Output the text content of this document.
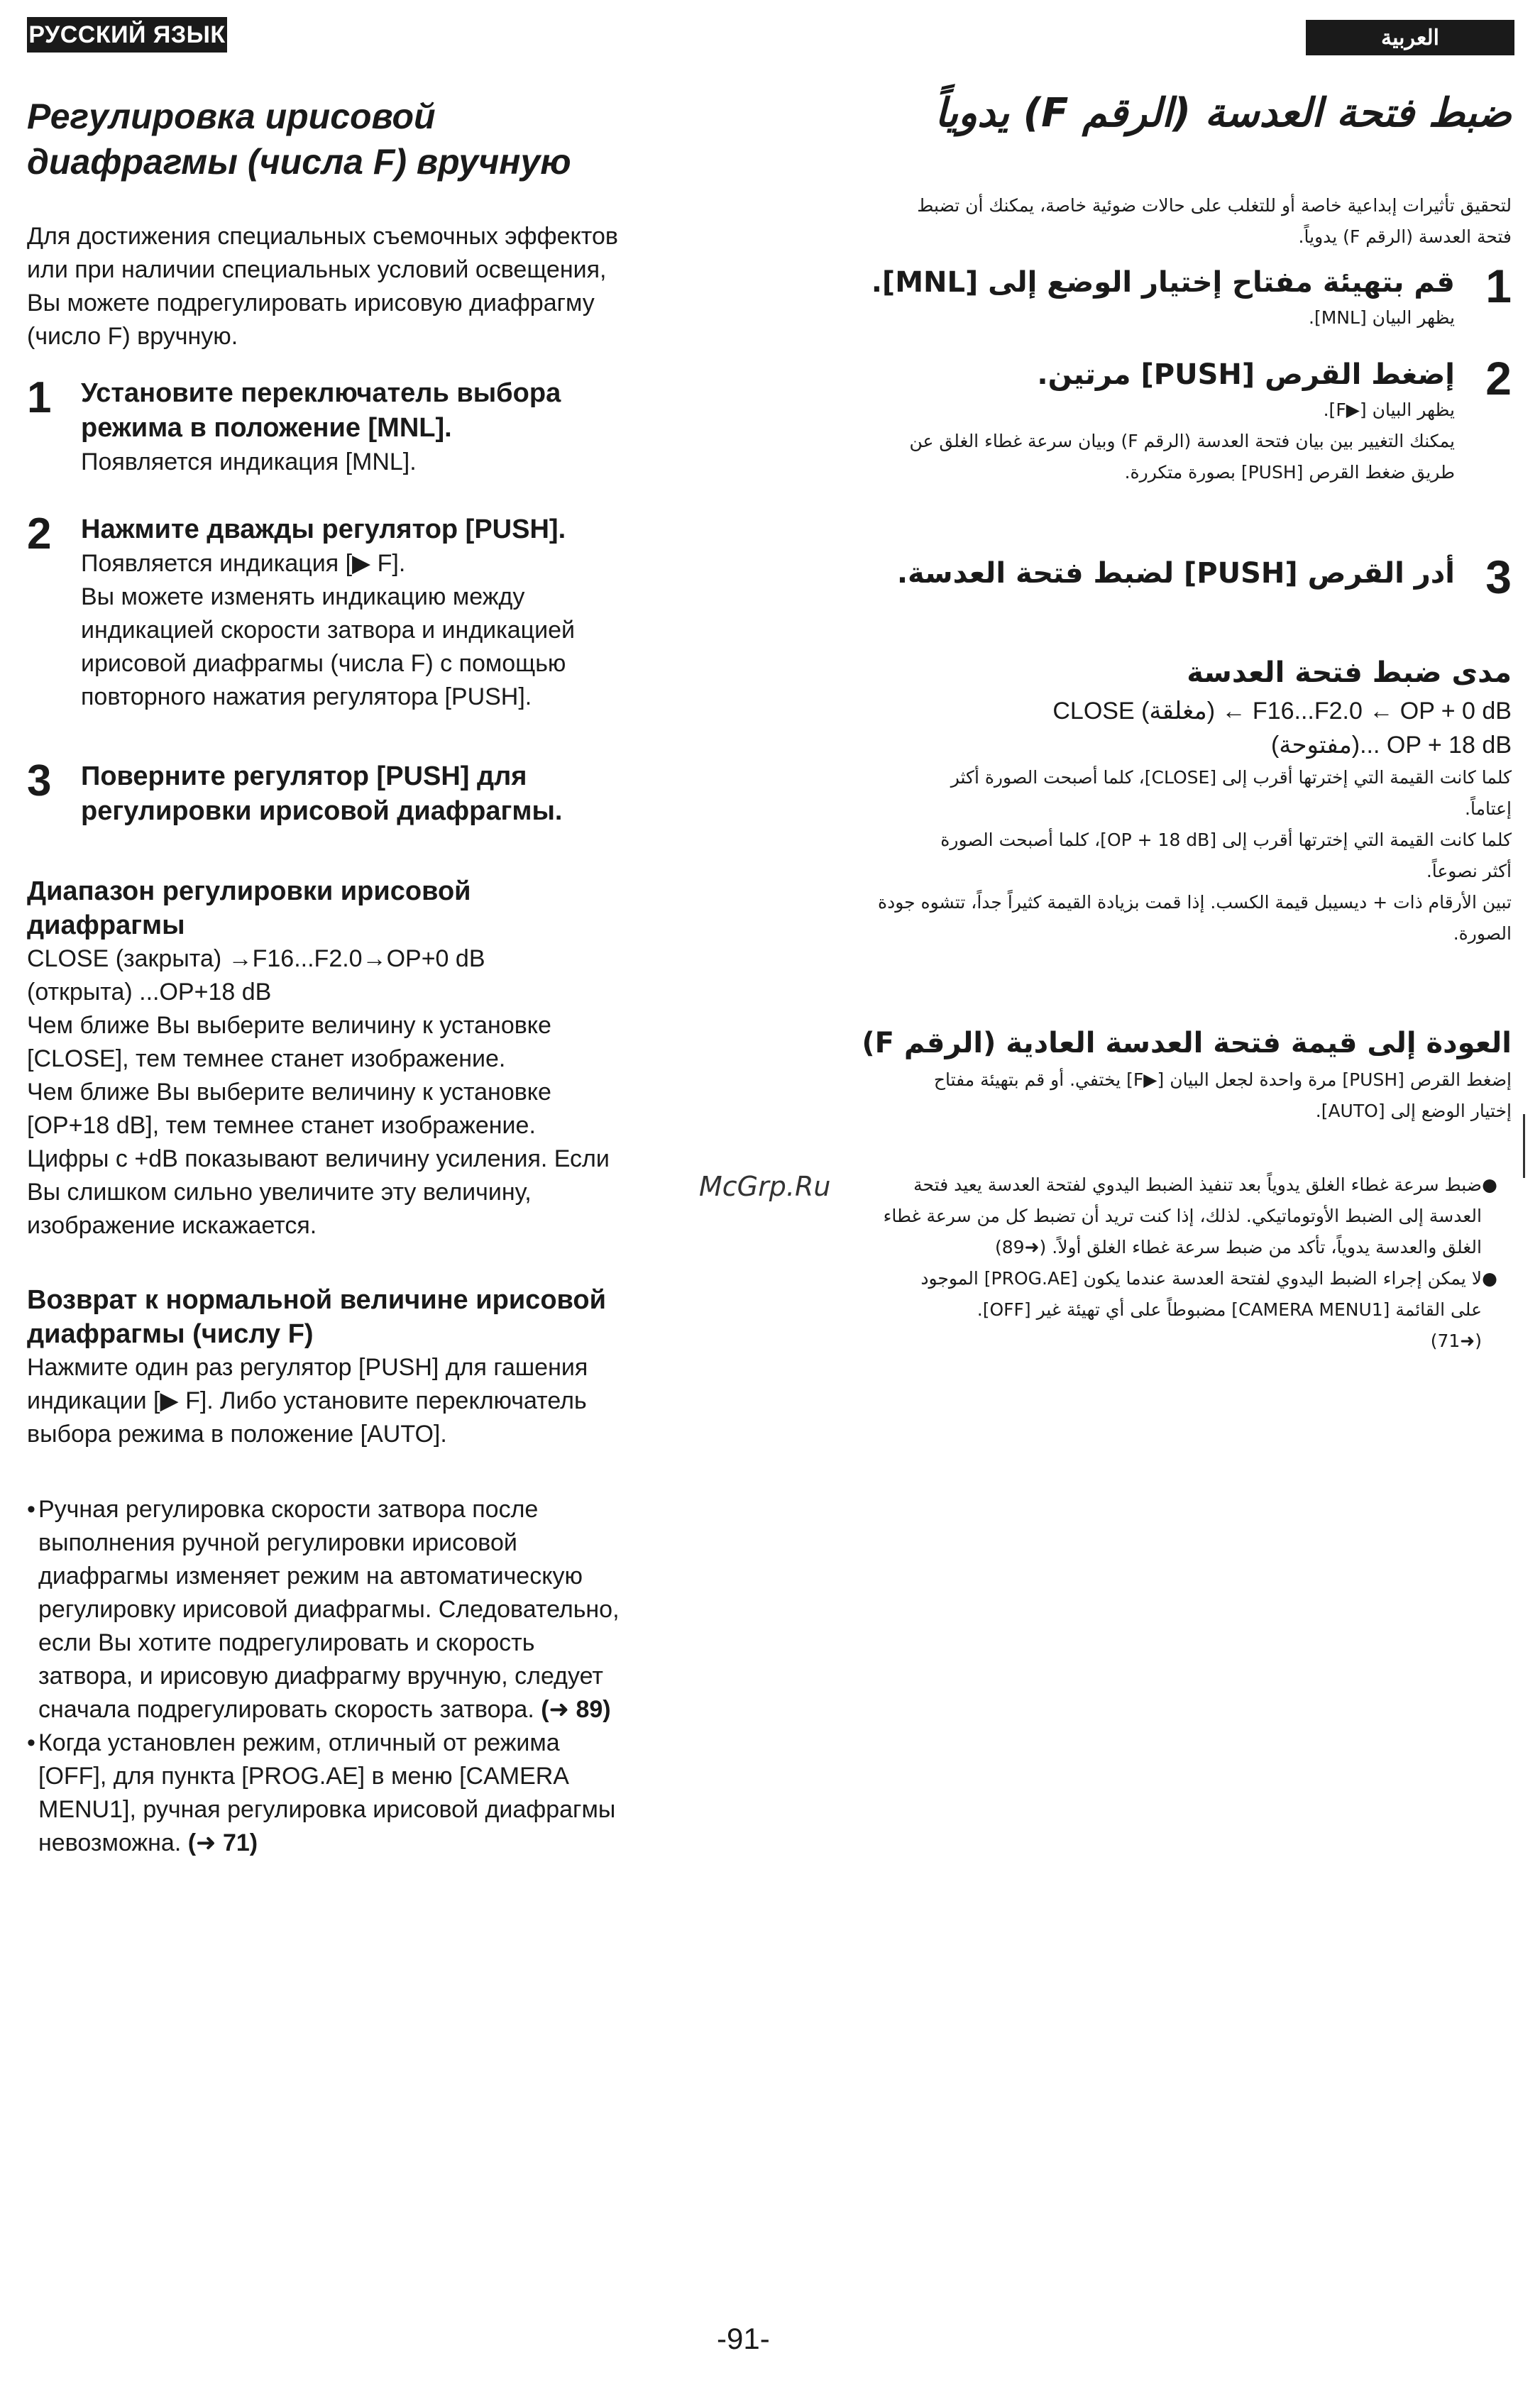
РУССКИЙ ЯЗЫК	العربية
Регулировка ирисовой
диафрагмы (числа F) вручную
Для достижения специальных съемочных эффектов
или при наличии специальных условий освещения,
Вы можете подрегулировать ирисовую диафрагму
(число F) вручную.
1 Установите переключатель выбора
режима в положение [MNL].
Появляется индикация [MNL].
2 Нажмите дважды регулятор [PUSH].
Появляется индикация [▶ F].
Вы можете изменять индикацию между
индикацией скорости затвора и индикацией
ирисовой диафрагмы (числа F) с помощью
повторного нажатия регулятора [PUSH].
3 Поверните регулятор [PUSH] для
регулировки ирисовой диафрагмы.
Диапазон регулировки ирисовой
диафрагмы
CLOSE (закрыта) →F16...F2.0→OP+0 dB
(открыта) ...OP+18 dB
Чем ближе Вы выберите величину к установке
[CLOSE], тем темнее станет изображение.
Чем ближе Вы выберите величину к установке
[OP+18 dB], тем темнее станет изображение.
Цифры с +dB показывают величину усиления. Если
Вы слишком сильно увеличите эту величину,
изображение искажается.
Возврат к нормальной величине ирисовой
диафрагмы (числу F)
Нажмите один раз регулятор [PUSH] для гашения
индикации [▶ F]. Либо установите переключатель
выбора режима в положение [AUTO].
• Ручная регулировка скорости затвора после
выполнения ручной регулировки ирисовой
диафрагмы изменяет режим на автоматическую
регулировку ирисовой диафрагмы. Следовательно,
если Вы хотите подрегулировать и скорость
затвора, и ирисовую диафрагму вручную, следует
сначала подрегулировать скорость затвора. (➜ 89)
• Когда установлен режим, отличный от режима
[OFF], для пункта [PROG.AE] в меню [CAMERA
MENU1], ручная регулировка ирисовой диафрагмы
невозможна. (➜ 71)
ضبط فتحة العدسة (الرقم F) يدوياً
لتحقيق تأثيرات إبداعية خاصة أو للتغلب على حالات ضوئية خاصة، يمكنك أن تضبط
فتحة العدسة (الرقم F) يدوياً.
1
قم بتهيئة مفتاح إختيار الوضع إلى [MNL].
يظهر البيان [MNL].
2
إضغط القرص [PUSH] مرتين.
يظهر البيان [▶F].
يمكنك التغيير بين بيان فتحة العدسة (الرقم F) وبيان سرعة غطاء الغلق عن
طريق ضغط القرص [PUSH] بصورة متكررة.
3
أدر القرص [PUSH] لضبط فتحة العدسة.
مدى ضبط فتحة العدسة
CLOSE (مغلقة) ← F16...F2.0 ← OP + 0 dB
(مفتوحة)... OP + 18 dB
كلما كانت القيمة التي إخترتها أقرب إلى [CLOSE]، كلما أصبحت الصورة أكثر
إعتاماً.
كلما كانت القيمة التي إخترتها أقرب إلى [OP + 18 dB]، كلما أصبحت الصورة
أكثر نصوعاً.
تبين الأرقام ذات + ديسيبل قيمة الكسب. إذا قمت بزيادة القيمة كثيراً جداً، تتشوه جودة
الصورة.
العودة إلى قيمة فتحة العدسة العادية (الرقم F)
إضغط القرص [PUSH] مرة واحدة لجعل البيان [▶F] يختفي. أو قم بتهيئة مفتاح
إختيار الوضع إلى [AUTO].
●
ضبط سرعة غطاء الغلق يدوياً بعد تنفيذ الضبط اليدوي لفتحة العدسة يعيد فتحة
العدسة إلى الضبط الأوتوماتيكي. لذلك، إذا كنت تريد أن تضبط كل من سرعة غطاء
الغلق والعدسة يدوياً، تأكد من ضبط سرعة غطاء الغلق أولاً. (➜89)
●
لا يمكن إجراء الضبط اليدوي لفتحة العدسة عندما يكون [PROG.AE] الموجود
على القائمة [CAMERA MENU1] مضبوطاً على أي تهيئة غير [OFF].
(➜71)
McGrp.Ru
-91-
